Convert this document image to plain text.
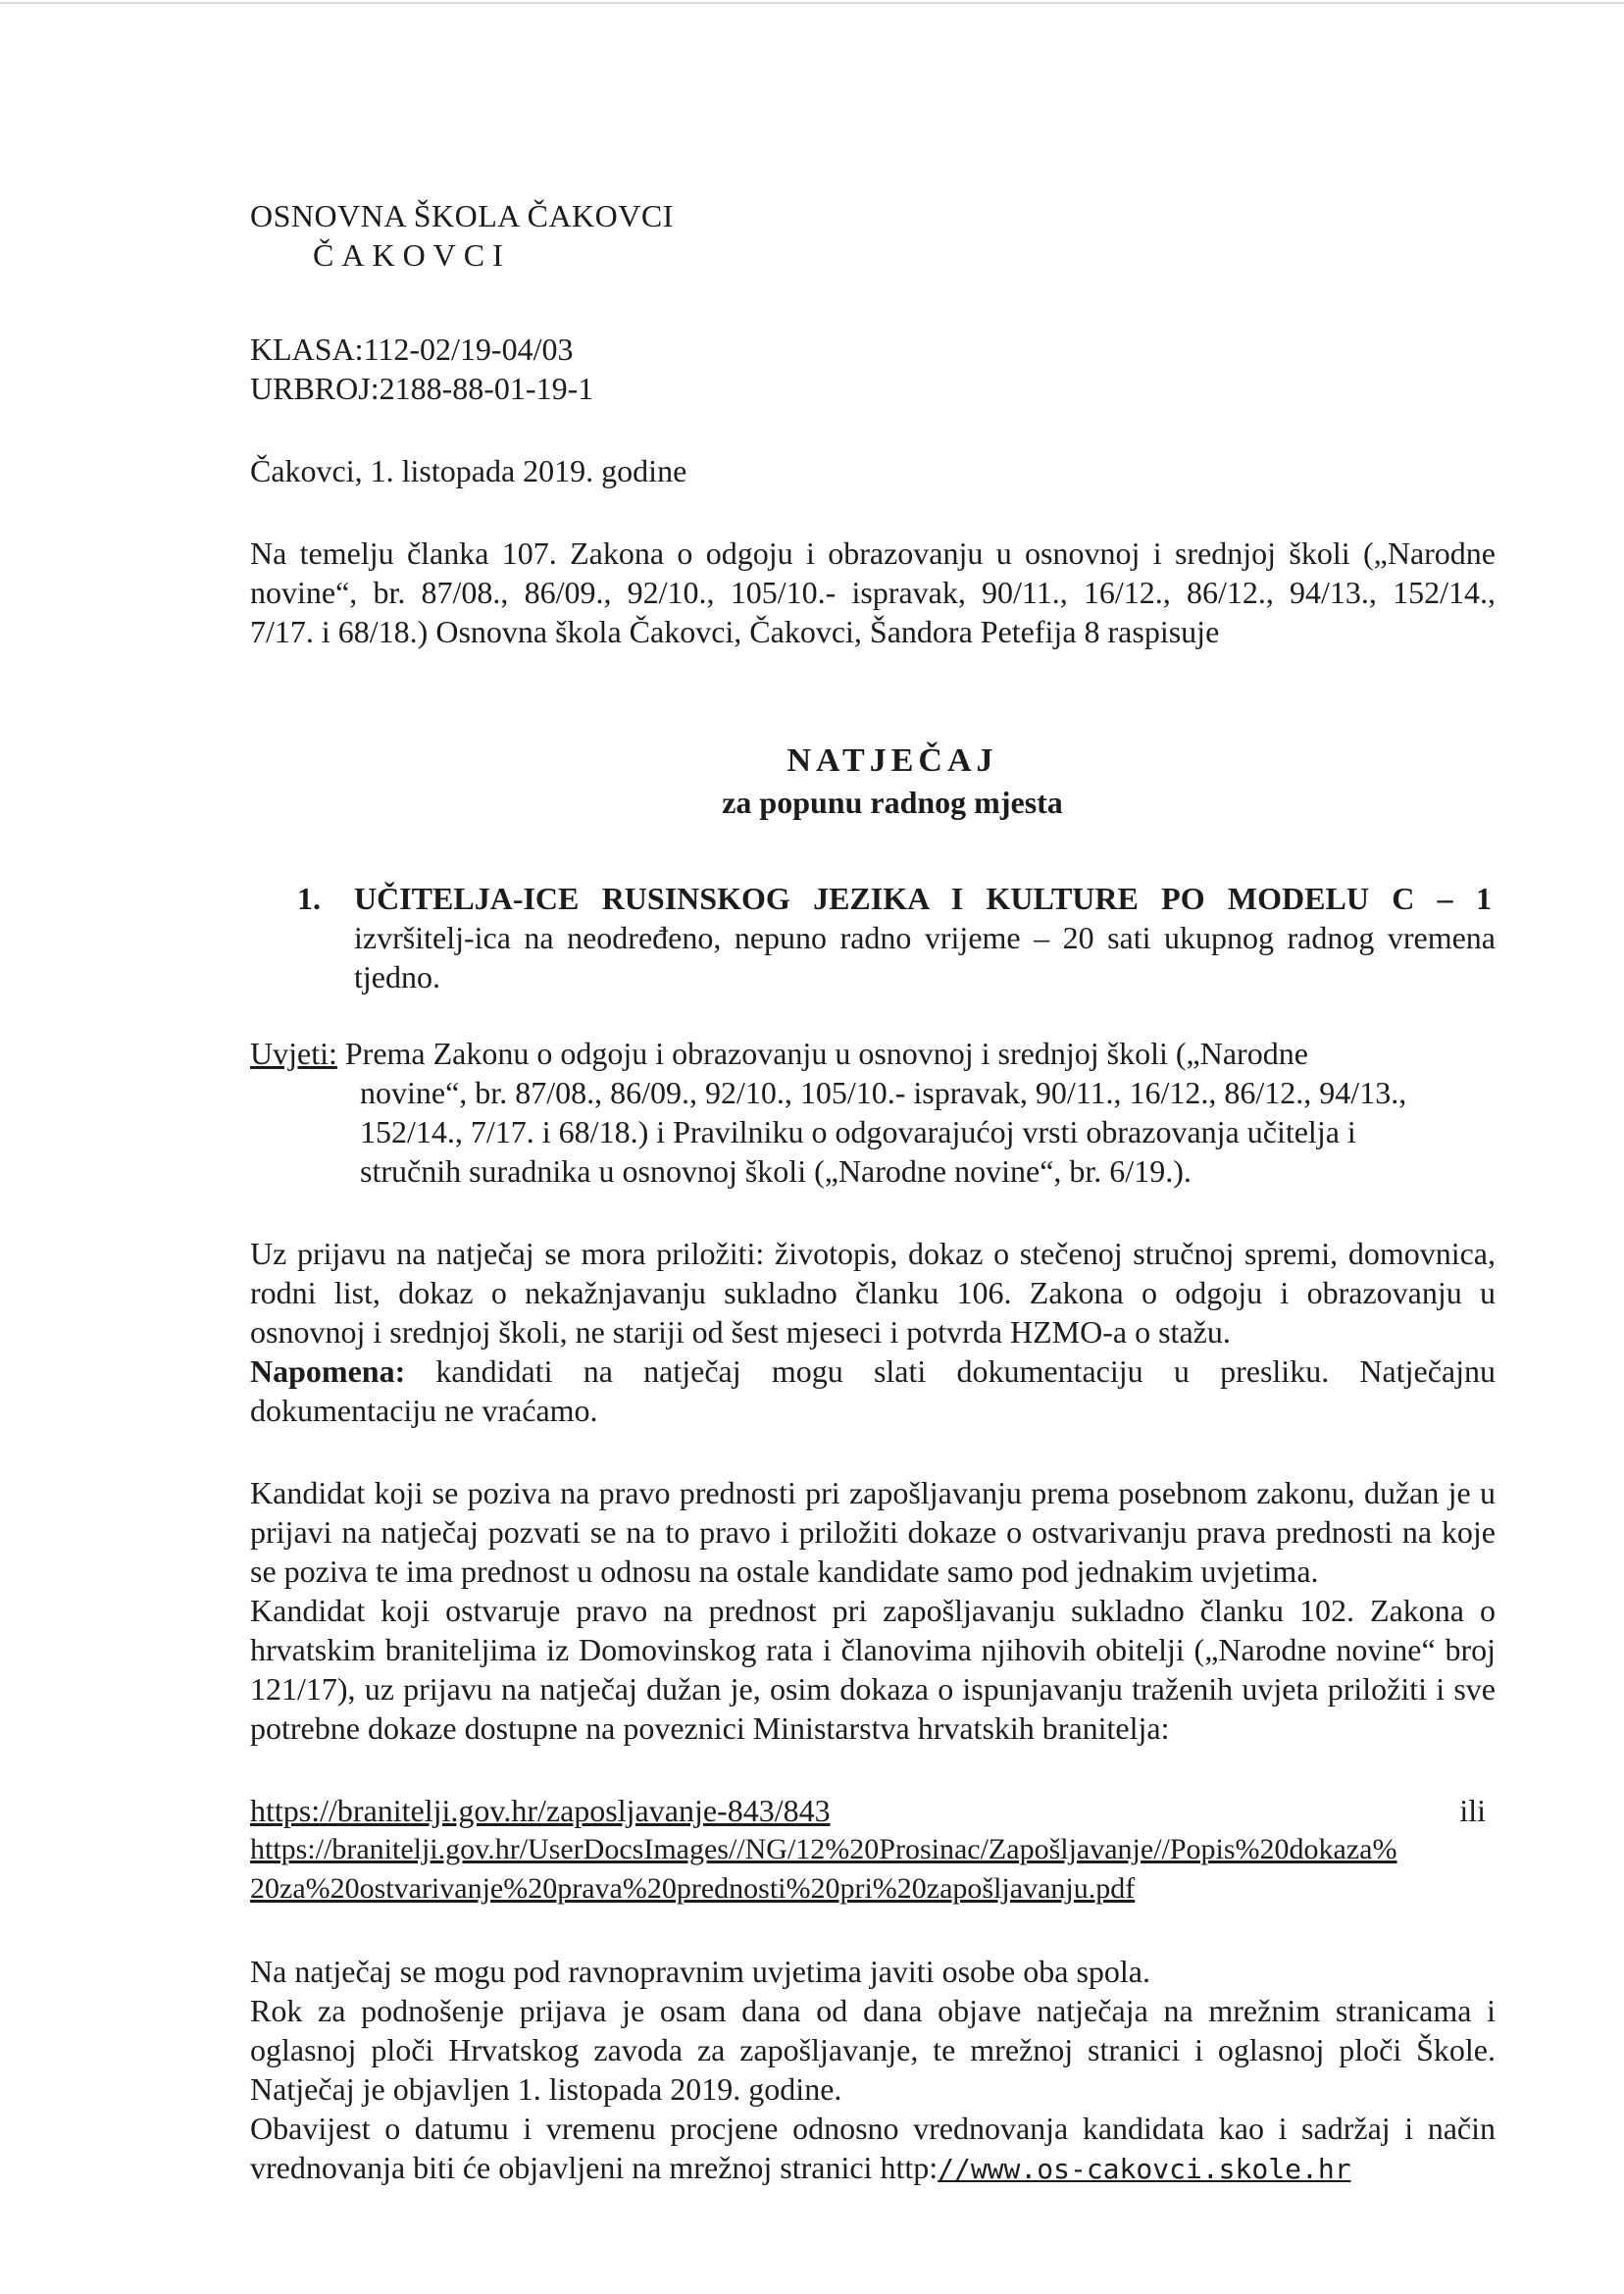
OSNOVNA ŠKOLA ČAKOVCI
ČAKOVCI
KLASA:112-02/19-04/03
URBROJ:2188-88-01-19-1
Čakovci, 1. listopada 2019. godine
Na temelju članka 107. Zakona o odgoju i obrazovanju u osnovnoj i srednjoj školi („Narodne
novine“, br. 87/08., 86/09., 92/10., 105/10.- ispravak, 90/11., 16/12., 86/12., 94/13., 152/14.,
7/17. i 68/18.) Osnovna škola Čakovci, Čakovci, Šandora Petefija 8 raspisuje
NATJEČAJ
za popunu radnog mjesta
1. UČITELJA-ICE RUSINSKOG JEZIKA I KULTURE PO MODELU C – 1
izvršitelj-ica na neodređeno, nepuno radno vrijeme – 20 sati ukupnog radnog vremena
tjedno.
Uvjeti: Prema Zakonu o odgoju i obrazovanju u osnovnoj i srednjoj školi („Narodne
novine“, br. 87/08., 86/09., 92/10., 105/10.- ispravak, 90/11., 16/12., 86/12., 94/13.,
152/14., 7/17. i 68/18.) i Pravilniku o odgovarajućoj vrsti obrazovanja učitelja i
stručnih suradnika u osnovnoj školi („Narodne novine“, br. 6/19.).
Uz prijavu na natječaj se mora priložiti: životopis, dokaz o stečenoj stručnoj spremi, domovnica,
rodni list, dokaz o nekažnjavanju sukladno članku 106. Zakona o odgoju i obrazovanju u
osnovnoj i srednjoj školi, ne stariji od šest mjeseci i potvrda HZMO-a o stažu.
Napomena: kandidati na natječaj mogu slati dokumentaciju u presliku. Natječajnu
dokumentaciju ne vraćamo.
Kandidat koji se poziva na pravo prednosti pri zapošljavanju prema posebnom zakonu, dužan je u
prijavi na natječaj pozvati se na to pravo i priložiti dokaze o ostvarivanju prava prednosti na koje
se poziva te ima prednost u odnosu na ostale kandidate samo pod jednakim uvjetima.
Kandidat koji ostvaruje pravo na prednost pri zapošljavanju sukladno članku 102. Zakona o
hrvatskim braniteljima iz Domovinskog rata i članovima njihovih obitelji („Narodne novine“ broj
121/17), uz prijavu na natječaj dužan je, osim dokaza o ispunjavanju traženih uvjeta priložiti i sve
potrebne dokaze dostupne na poveznici Ministarstva hrvatskih branitelja:
https://branitelji.gov.hr/zaposljavanje-843/843	ili
https://branitelji.gov.hr/UserDocsImages//NG/12%20Prosinac/Zapošljavanje//Popis%20dokaza%
20za%20ostvarivanje%20prava%20prednosti%20pri%20zapošljavanju.pdf
Na natječaj se mogu pod ravnopravnim uvjetima javiti osobe oba spola.
Rok za podnošenje prijava je osam dana od dana objave natječaja na mrežnim stranicama i
oglasnoj ploči Hrvatskog zavoda za zapošljavanje, te mrežnoj stranici i oglasnoj ploči Škole.
Natječaj je objavljen 1. listopada 2019. godine.
Obavijest o datumu i vremenu procjene odnosno vrednovanja kandidata kao i sadržaj i način
vrednovanja biti će objavljeni na mrežnoj stranici http://www.os-cakovci.skole.hr
